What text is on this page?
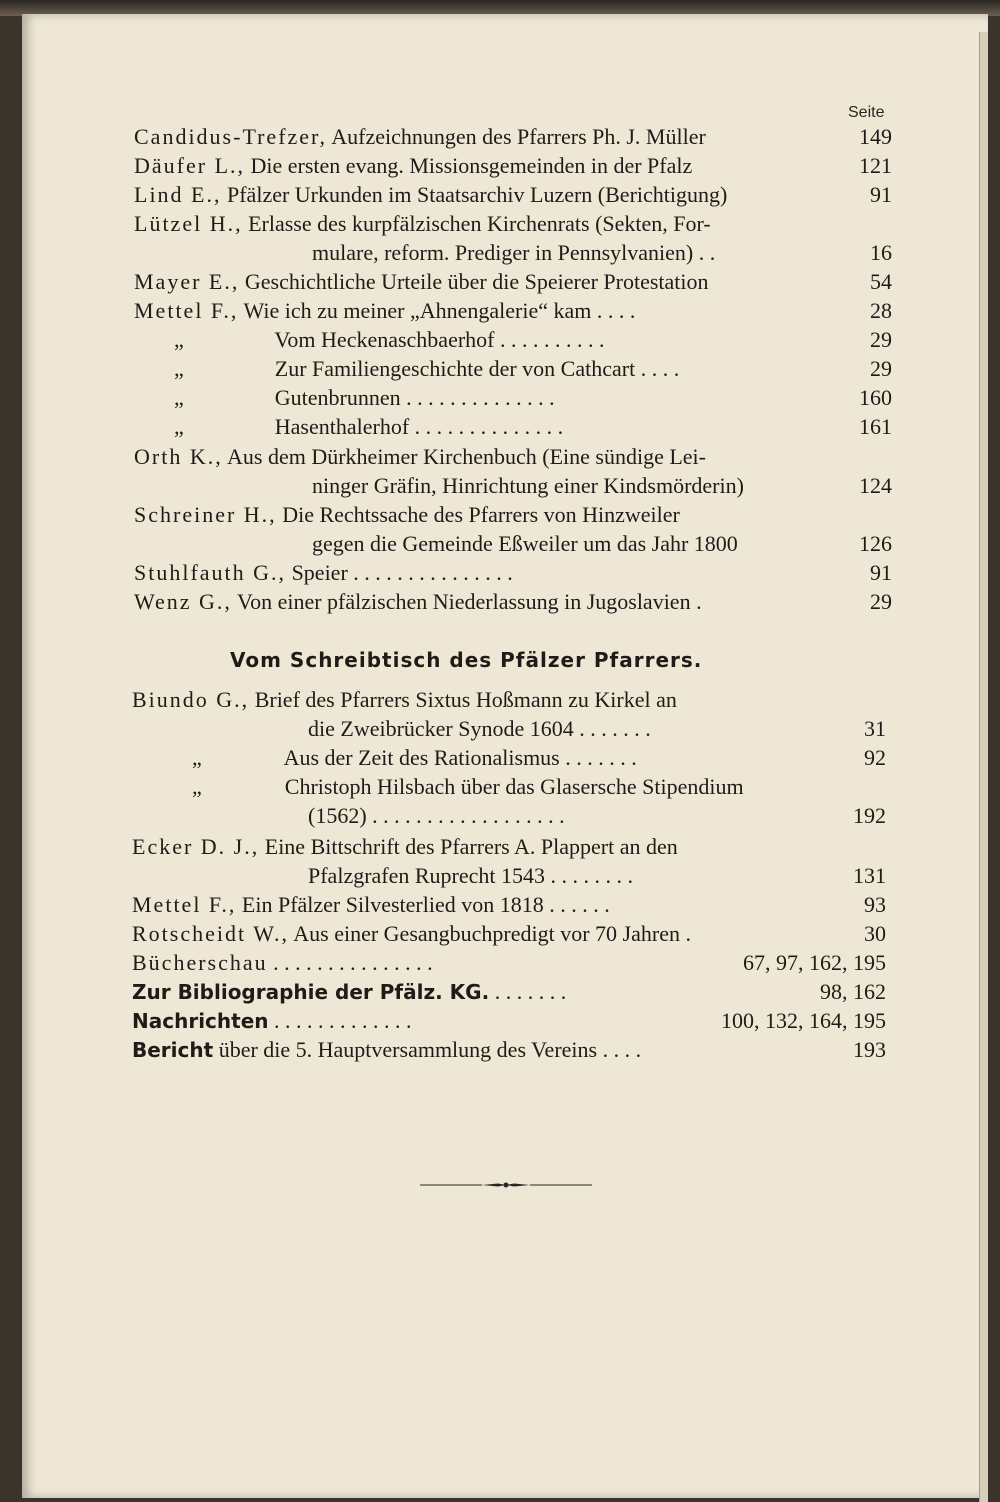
Seite
Candidus-Trefzer, Aufzeichnungen des Pfarrers Ph. J. Müller	149
Däufer L., Die ersten evang. Missionsgemeinden in der Pfalz	121
Lind E., Pfälzer Urkunden im Staatsarchiv Luzern (Berichtigung)	91
Lützel H., Erlasse des kurpfälzischen Kirchenrats (Sekten, For-
mulare, reform. Prediger in Pennsylvanien) . .	16
Mayer E., Geschichtliche Urteile über die Speierer Protestation	54
Mettel F., Wie ich zu meiner „Ahnengalerie“ kam . . . .	28
„	Vom Heckenaschbaerhof . . . . . . . . . .	29
„	Zur Familiengeschichte der von Cathcart . . . .	29
„	Gutenbrunnen . . . . . . . . . . . . . .	160
„	Hasenthalerhof . . . . . . . . . . . . . .	161
Orth K., Aus dem Dürkheimer Kirchenbuch (Eine sündige Lei-
ninger Gräfin, Hinrichtung einer Kindsmörderin)	124
Schreiner H., Die Rechtssache des Pfarrers von Hinzweiler
gegen die Gemeinde Eßweiler um das Jahr 1800	126
Stuhlfauth G., Speier . . . . . . . . . . . . . . .	91
Wenz G., Von einer pfälzischen Niederlassung in Jugoslavien .	29
Vom Schreibtisch des Pfälzer Pfarrers.
Biundo G., Brief des Pfarrers Sixtus Hoßmann zu Kirkel an
die Zweibrücker Synode 1604 . . . . . . .	31
„	Aus der Zeit des Rationalismus . . . . . . .	92
„	Christoph Hilsbach über das Glasersche Stipendium
(1562) . . . . . . . . . . . . . . . . . .	192
Ecker D. J., Eine Bittschrift des Pfarrers A. Plappert an den
Pfalzgrafen Ruprecht 1543 . . . . . . . .	131
Mettel F., Ein Pfälzer Silvesterlied von 1818 . . . . . .	93
Rotscheidt W., Aus einer Gesangbuchpredigt vor 70 Jahren .	30
Bücherschau . . . . . . . . . . . . . . .	67, 97, 162, 195
Zur Bibliographie der Pfälz. KG. . . . . . . .	98, 162
Nachrichten . . . . . . . . . . . . .	100, 132, 164, 195
Bericht über die 5. Hauptversammlung des Vereins . . . .	193
